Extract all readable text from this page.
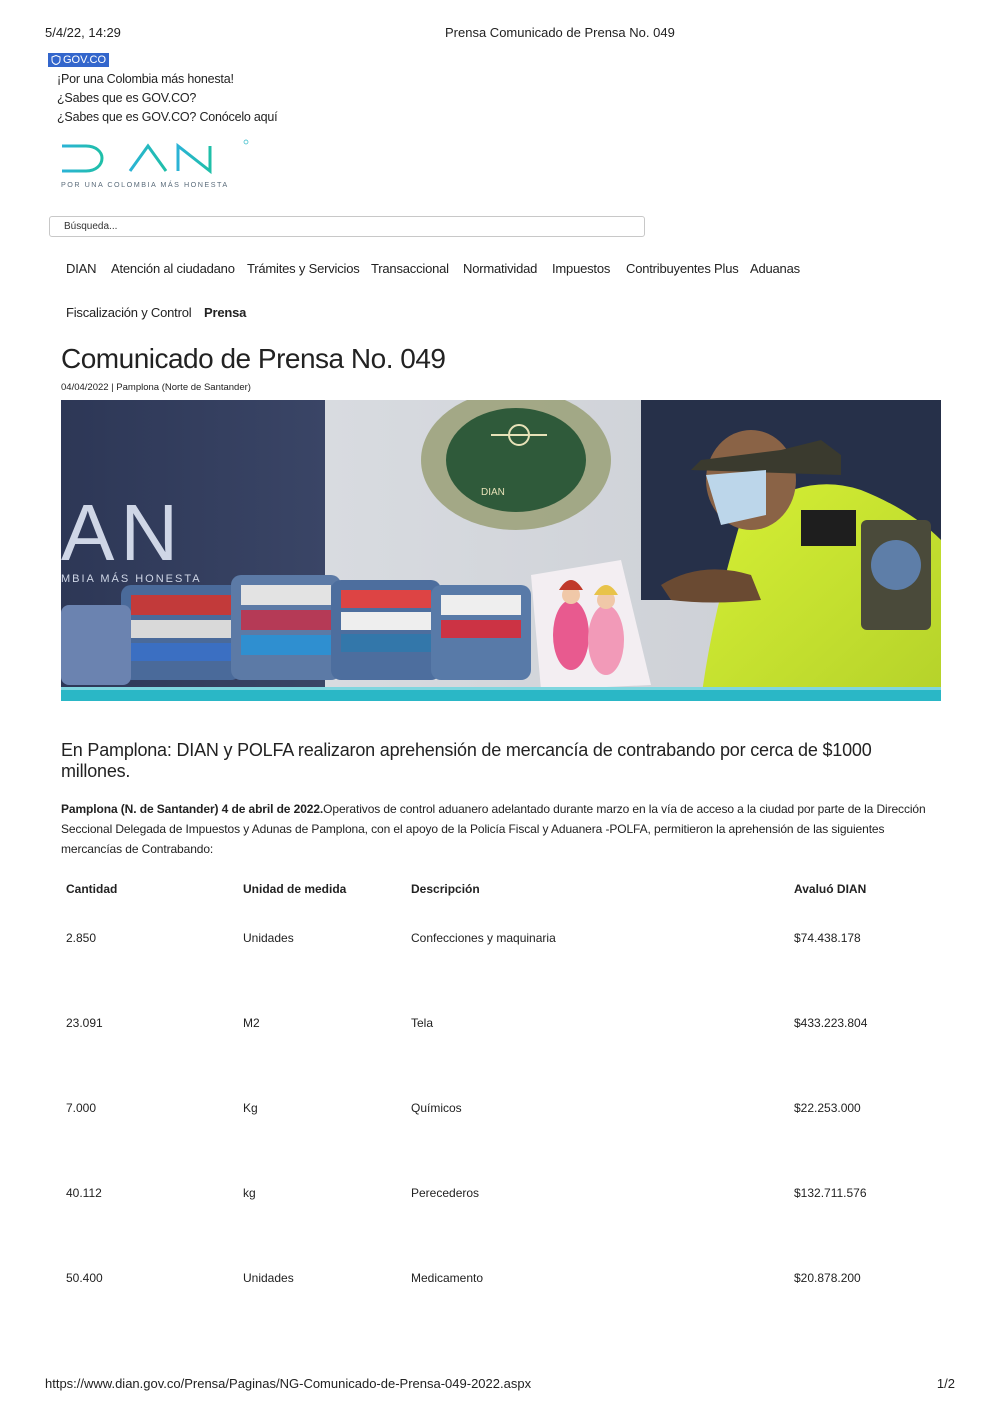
5/4/22, 14:29	Prensa Comunicado de Prensa No. 049
GOV.CO
¡Por una Colombia más honesta!
¿Sabes que es GOV.CO?
¿Sabes que es GOV.CO? Conócelo aquí
POR UNA COLOMBIA MÁS HONESTA
Búsqueda...
DIAN Atención al ciudadano Trámites y Servicios Transaccional Normatividad Impuestos Contribuyentes Plus Aduanas
Fiscalización y Control Prensa
Comunicado de Prensa No. 049
04/04/2022 | Pamplona (Norte de Santander)
DIAN
AN
MBIA MÁS HONESTA
En Pamplona: DIAN y POLFA realizaron aprehensión de mercancía de contrabando por cerca de $1000 millones.
Pamplona (N. de Santander) 4 de abril de 2022.Operativos de control aduanero adelantado durante marzo en la vía de acceso a la ciudad por parte de la Dirección Seccional Delegada de Impuestos y Adunas de Pamplona, con el apoyo de la Policía Fiscal y Aduanera -POLFA, permitieron la aprehensión de las siguientes mercancías de Contrabando:
Cantidad	Unidad de medida	Descripción	Avaluó DIAN
2.850	Unidades	Confecciones y maquinaria	$74.438.178
23.091	M2	Tela	$433.223.804
7.000	Kg	Químicos	$22.253.000
40.112	kg	Perecederos	$132.711.576
50.400	Unidades	Medicamento	$20.878.200
https://www.dian.gov.co/Prensa/Paginas/NG-Comunicado-de-Prensa-049-2022.aspx	1/2
